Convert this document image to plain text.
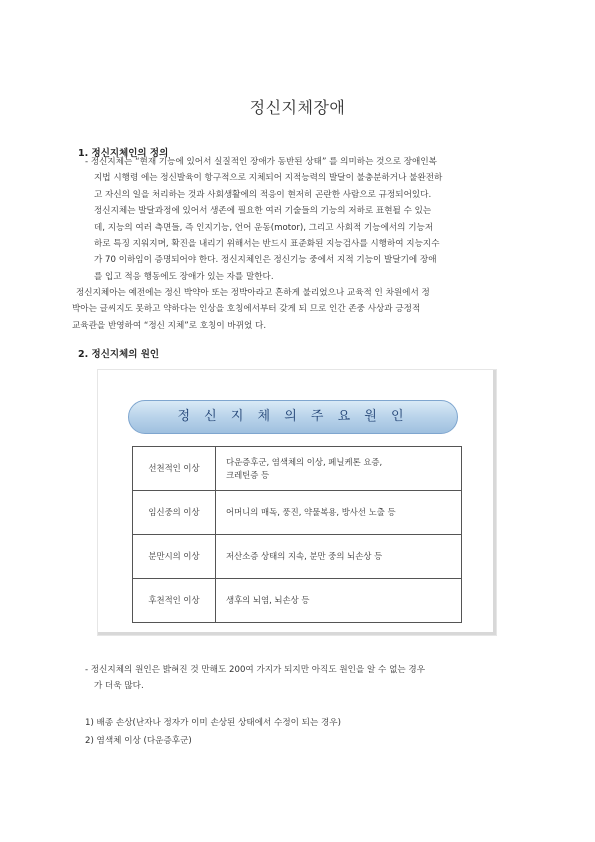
정신지체장애
1. 정신지체인의 정의
- 정신지체는 “현재 기능에 있어서 실질적인 장애가 동반된 상태” 를 의미하는 것으로 장애인복
지법 시행령 에는 정신발육이 항구적으로 지체되어 지적능력의 발달이 불충분하거나 불완전하
고 자신의 일을 처리하는 것과 사회생활에의 적응이 현저히 곤란한 사람으로 규정되어있다.
정신지체는 발달과정에 있어서 생존에 필요한 여러 기술들의 기능의 저하로 표현될 수 있는
데, 지능의 여러 측면들, 즉 인지기능, 언어 운동(motor), 그리고 사회적 기능에서의 기능저
하로 특징 지워지며, 확진을 내리기 위해서는 반드시 표준화된 지능검사를 시행하여 지능지수
가 70 이하임이 증명되어야 한다. 정신지체인은 정신기능 중에서 지적 기능이 발달기에 장애
를 입고 적응 행동에도 장애가 있는 자를 말한다.
정신지체아는 예전에는 정신 박약아 또는 정박아라고 흔하게 불리었으나 교육적 인 차원에서 정
박아는 글씨지도 못하고 약하다는 인상을 호칭에서부터 갖게 되 므로 인간 존중 사상과 긍정적
교육관을 반영하여 “정신 지체”로 호칭이 바뀌었 다.
2. 정신지체의 원인
정 신 지 체 의 주 요 원 인
선천적인 이상	다운증후군, 염색체의 이상, 페닐케톤 요증,
크레틴증 등

임신중의 이상	어머니의 매독, 풍진, 약물복용, 방사선 노출 등
분만시의 이상	저산소증 상태의 지속, 분만 중의 뇌손상 등
후천적인 이상	생후의 뇌염, 뇌손상 등
- 정신지체의 원인은 밝혀진 것 만해도 200여 가지가 되지만 아직도 원인을 알 수 없는 경우
가 더욱 많다.
1) 배종 손상(난자나 정자가 이미 손상된 상태에서 수정이 되는 경우)
2) 염색체 이상 (다운증후군)
